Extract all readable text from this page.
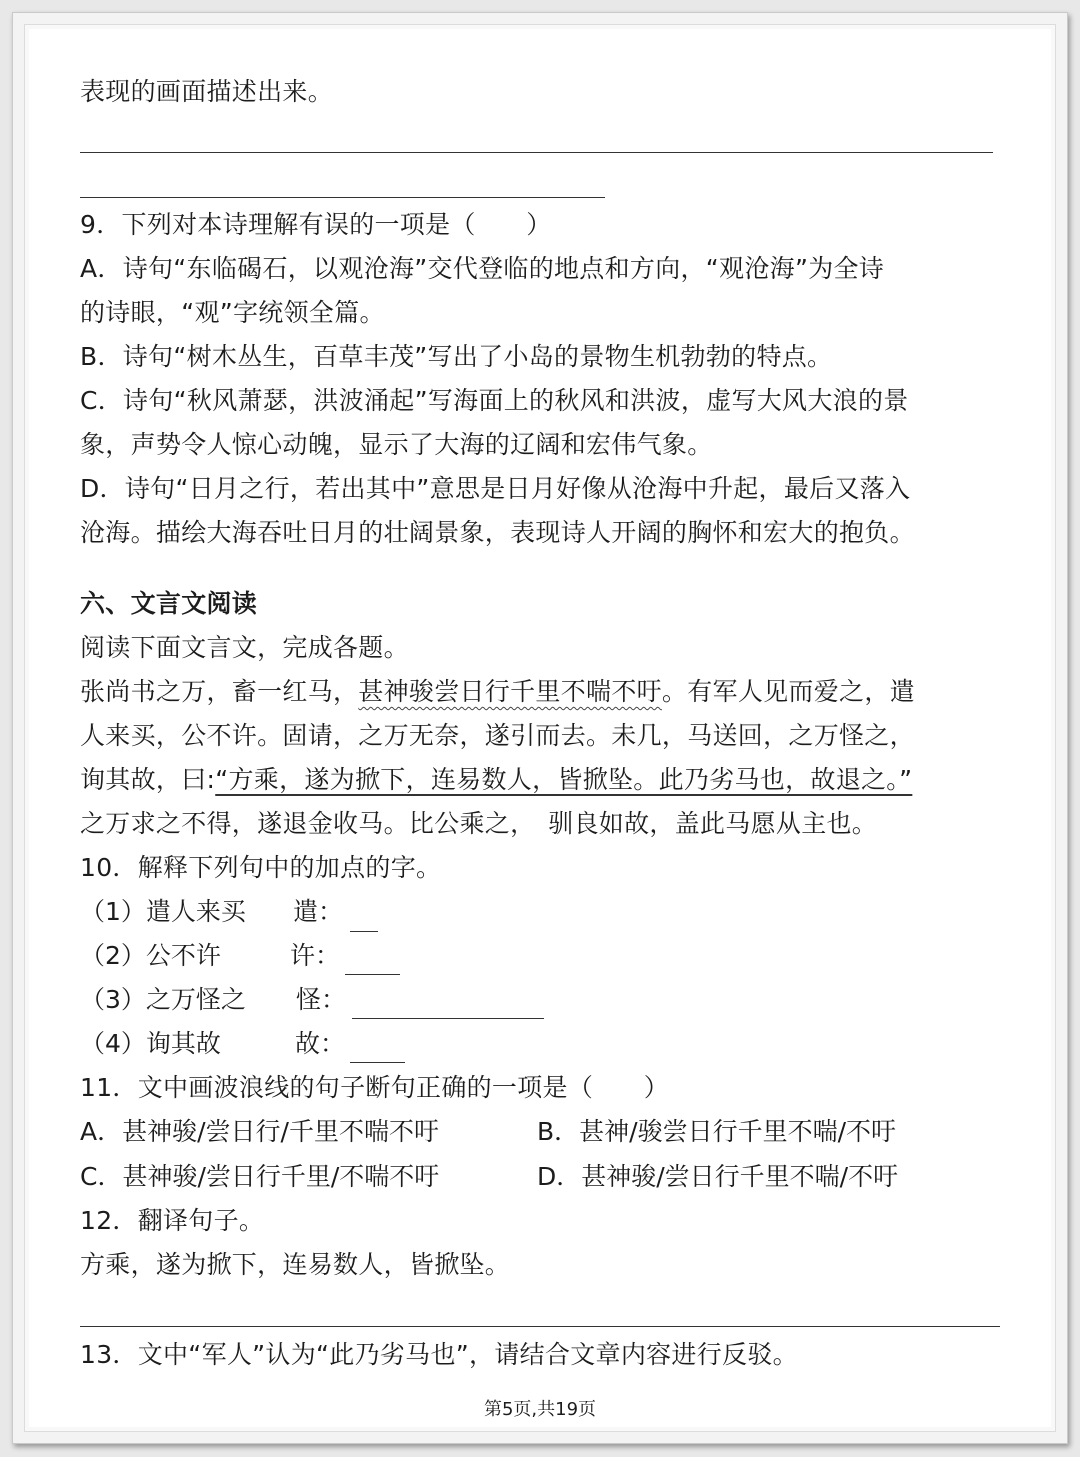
表现的画面描述出来。
9．下列对本诗理解有误的一项是（　　）
A．诗句“东临碣石，以观沧海”交代登临的地点和方向，“观沧海”为全诗
的诗眼，“观”字统领全篇。
B．诗句“树木丛生，百草丰茂”写出了小岛的景物生机勃勃的特点。
C．诗句“秋风萧瑟，洪波涌起”写海面上的秋风和洪波，虚写大风大浪的景
象，声势令人惊心动魄，显示了大海的辽阔和宏伟气象。
D．诗句“日月之行，若出其中”意思是日月好像从沧海中升起，最后又落入
沧海。描绘大海吞吐日月的壮阔景象，表现诗人开阔的胸怀和宏大的抱负。
六、文言文阅读
阅读下面文言文，完成各题。
张尚书之万，畜一红马，甚神骏尝日行千里不喘不吁。有军人见而爱之，遣
人来买，公不许。固请，之万无奈，遂引而去。未几，马送回，之万怪之，
询其故，曰:“方乘，遂为掀下，连易数人，皆掀坠。此乃劣马也，故退之。”
之万求之不得，遂退金收马。比公乘之，　驯良如故，盖此马愿从主也。
10．解释下列句中的加点的字。
（1）遣人来买 遣：
（2）公不许	许：
（3）之万怪之 怪：
（4）询其故	故：
11．文中画波浪线的句子断句正确的一项是（　　）
A．甚神骏/尝日行/千里不喘不吁	B．甚神/骏尝日行千里不喘/不吁
C．甚神骏/尝日行千里/不喘不吁	D．甚神骏/尝日行千里不喘/不吁
12．翻译句子。
方乘，遂为掀下，连易数人，皆掀坠。
13．文中“军人”认为“此乃劣马也”，请结合文章内容进行反驳。
第5页,共19页
